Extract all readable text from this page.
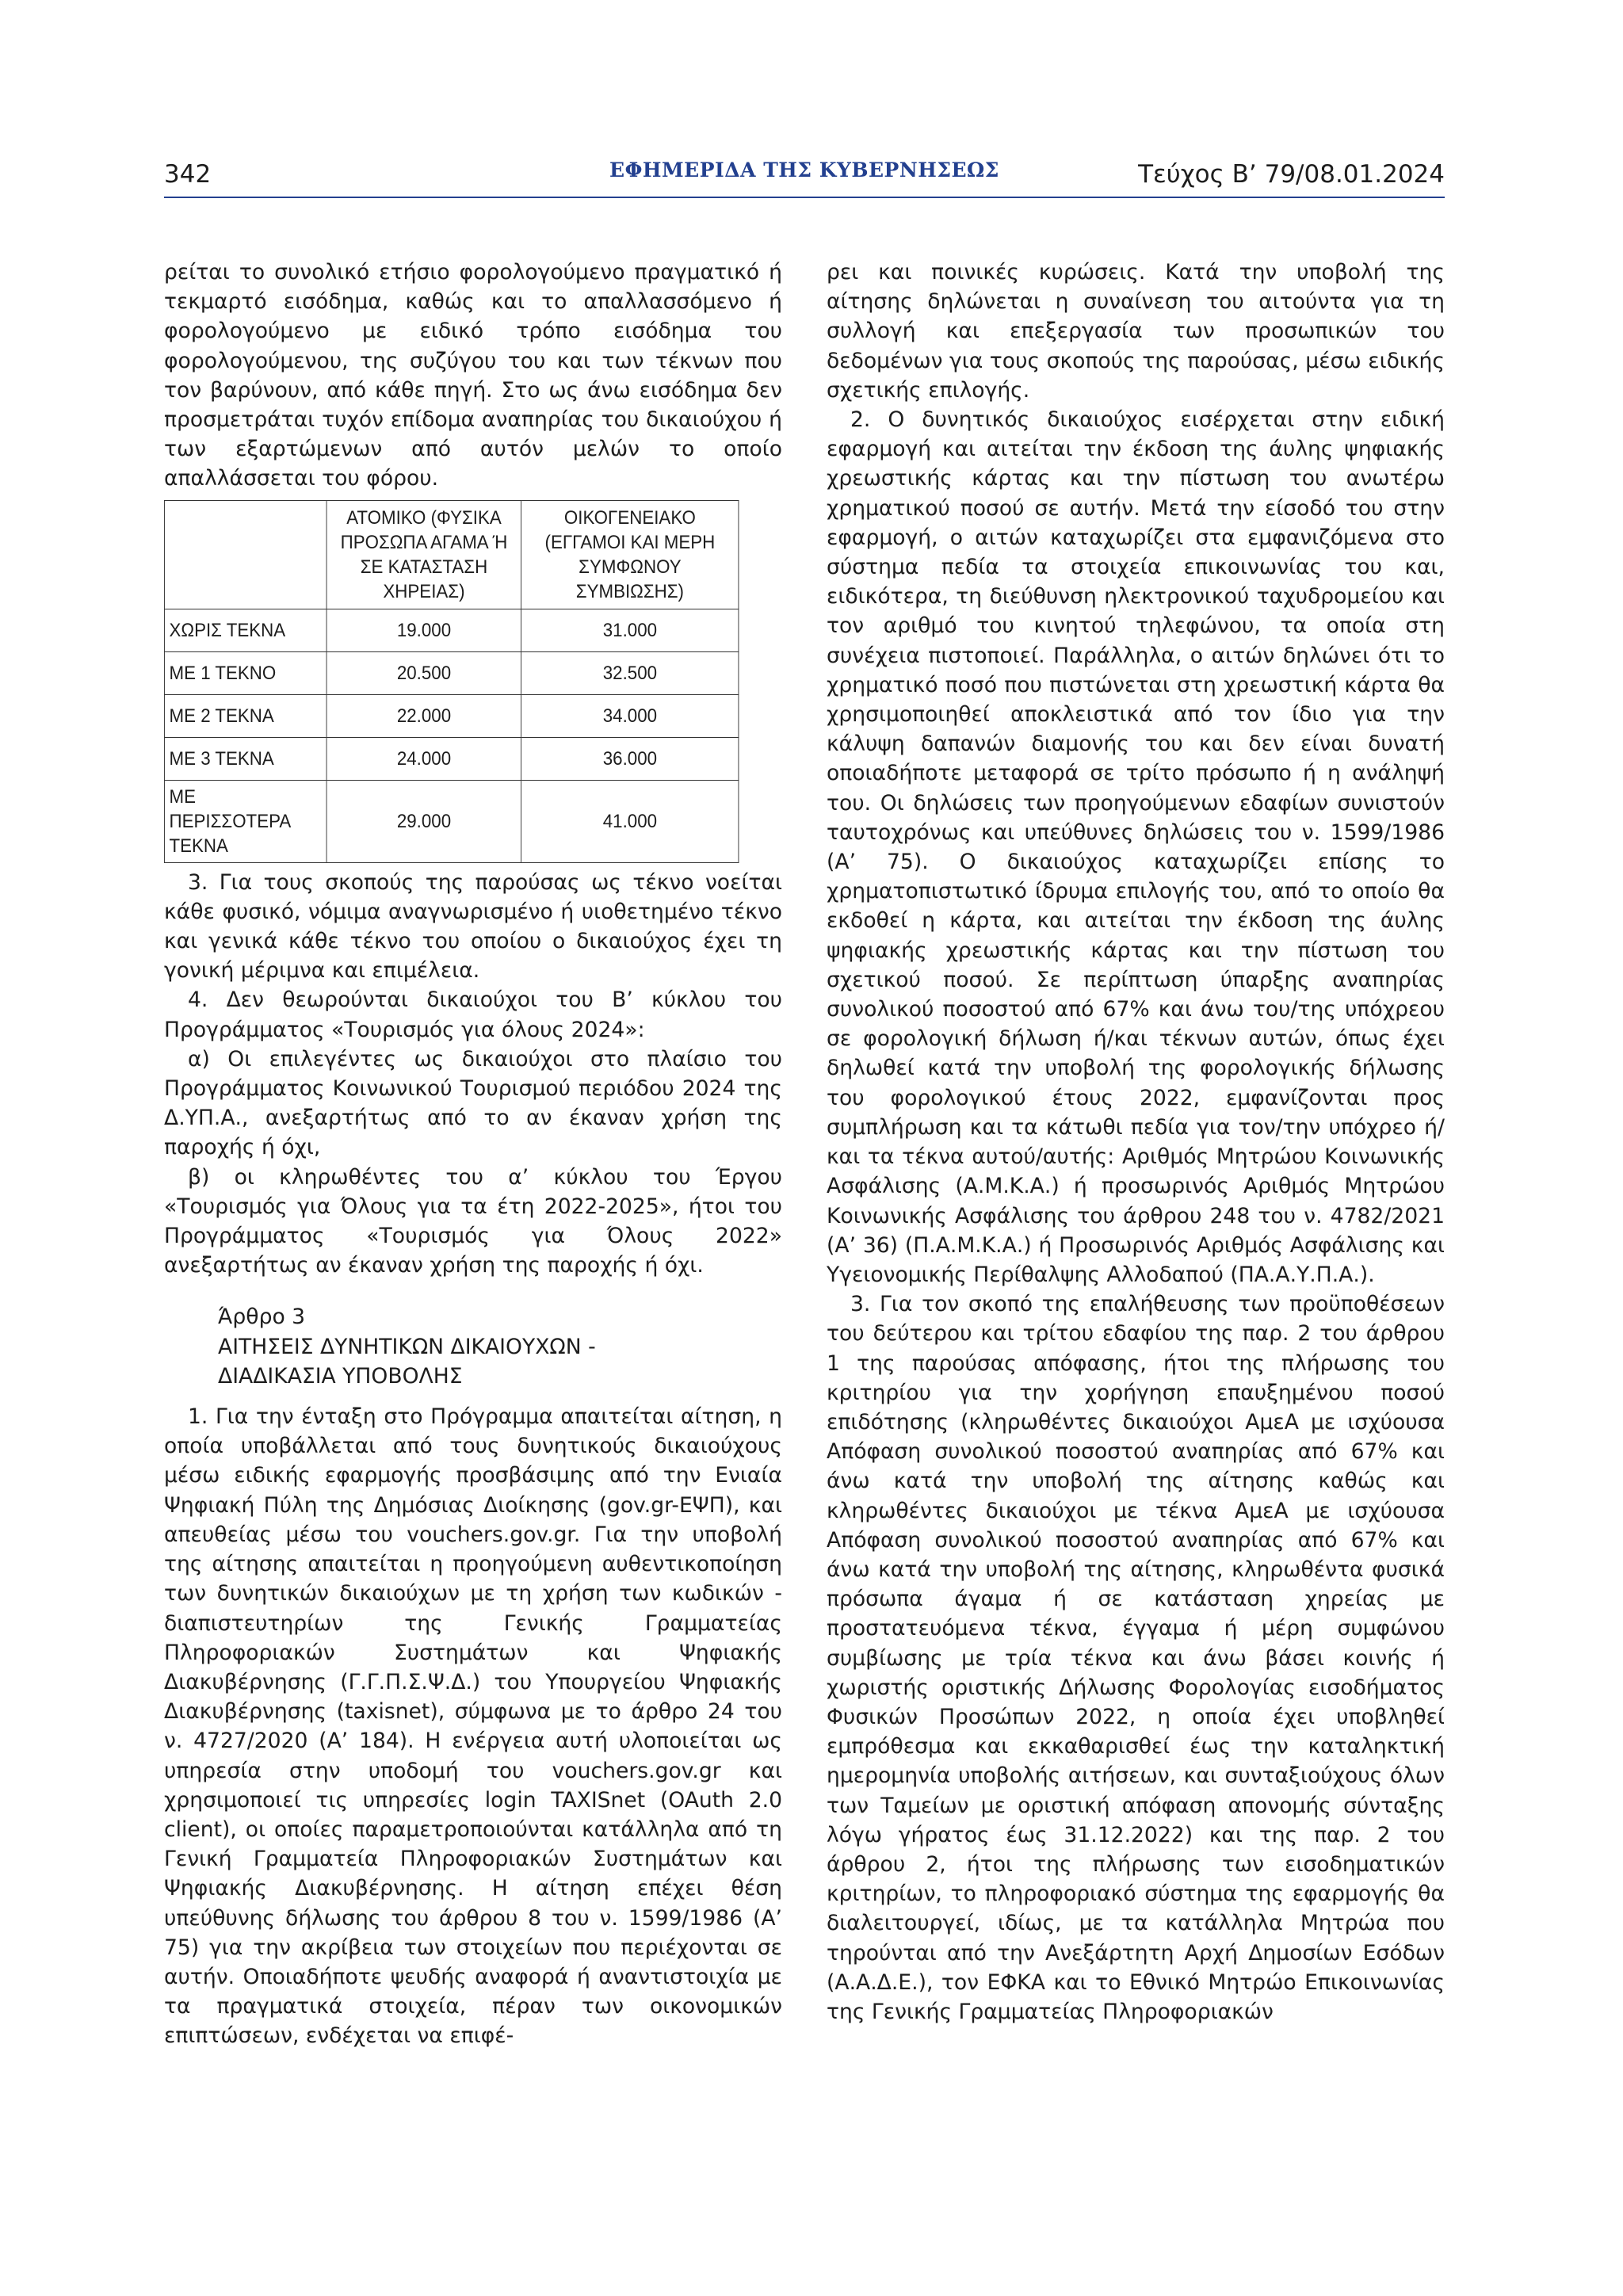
342	ΕΦΗΜΕΡΙΔΑ ΤΗΣ ΚΥΒΕΡΝΗΣΕΩΣ	Τεύχος Β’ 79/08.01.2024

ρείται το συνολικό ετήσιο φορολογούμενο πραγματικό ή τεκμαρτό εισόδημα, καθώς και το απαλλασσόμενο ή φορολογούμενο με ειδικό τρόπο εισόδημα του φορολογούμενου, της συζύγου του και των τέκνων που τον βαρύνουν, από κάθε πηγή. Στο ως άνω εισόδημα δεν προσμετράται τυχόν επίδομα αναπηρίας του δικαιούχου ή των εξαρτώμενων από αυτόν μελών το οποίο απαλλάσσεται του φόρου.

	ΑΤΟΜΙΚΟ (ΦΥΣΙΚΑ ΠΡΟΣΩΠΑ ΑΓΑΜΑ Ή ΣΕ ΚΑΤΑΣΤΑΣΗ ΧΗΡΕΙΑΣ)	ΟΙΚΟΓΕΝΕΙΑΚΟ (ΕΓΓΑΜΟΙ ΚΑΙ ΜΕΡΗ ΣΥΜΦΩΝΟΥ ΣΥΜΒΙΩΣΗΣ)
ΧΩΡΙΣ ΤΕΚΝΑ	19.000	31.000
ΜΕ 1 ΤΕΚΝΟ	20.500	32.500
ΜΕ 2 ΤΕΚΝΑ	22.000	34.000
ΜΕ 3 ΤΕΚΝΑ	24.000	36.000
ΜΕ ΠΕΡΙΣΣΟΤΕΡΑ ΤΕΚΝΑ	29.000	41.000

3. Για τους σκοπούς της παρούσας ως τέκνο νοείται κάθε φυσικό, νόμιμα αναγνωρισμένο ή υιοθετημένο τέκνο και γενικά κάθε τέκνο του οποίου ο δικαιούχος έχει τη γονική μέριμνα και επιμέλεια.

4. Δεν θεωρούνται δικαιούχοι του Β’ κύκλου του Προγράμματος «Τουρισμός για όλους 2024»:

α) Οι επιλεγέντες ως δικαιούχοι στο πλαίσιο του Προγράμματος Κοινωνικού Τουρισμού περιόδου 2024 της Δ.ΥΠ.Α., ανεξαρτήτως από το αν έκαναν χρήση της παροχής ή όχι,

β) οι κληρωθέντες του α’ κύκλου του Έργου «Τουρισμός για Όλους για τα έτη 2022-2025», ήτοι του Προγράμματος «Τουρισμός για Όλους 2022» ανεξαρτήτως αν έκαναν χρήση της παροχής ή όχι.

Άρθρο 3
ΑΙΤΗΣΕΙΣ ΔΥΝΗΤΙΚΩΝ ΔΙΚΑΙΟΥΧΩΝ -
ΔΙΑΔΙΚΑΣΙΑ ΥΠΟΒΟΛΗΣ

1. Για την ένταξη στο Πρόγραμμα απαιτείται αίτηση, η οποία υποβάλλεται από τους δυνητικούς δικαιούχους μέσω ειδικής εφαρμογής προσβάσιμης από την Ενιαία Ψηφιακή Πύλη της Δημόσιας Διοίκησης (gov.gr-ΕΨΠ), και απευθείας μέσω του vouchers.gov.gr. Για την υποβολή της αίτησης απαιτείται η προηγούμενη αυθεντικοποίηση των δυνητικών δικαιούχων με τη χρήση των κωδικών - διαπιστευτηρίων της Γενικής Γραμματείας Πληροφοριακών Συστημάτων και Ψηφιακής Διακυβέρνησης (Γ.Γ.Π.Σ.Ψ.Δ.) του Υπουργείου Ψηφιακής Διακυβέρνησης (taxisnet), σύμφωνα με το άρθρο 24 του ν. 4727/2020 (Α’ 184). Η ενέργεια αυτή υλοποιείται ως υπηρεσία στην υποδομή του vouchers.gov.gr και χρησιμοποιεί τις υπηρεσίες login TAXISnet (OAuth 2.0 client), οι οποίες παραμετροποιούνται κατάλληλα από τη Γενική Γραμματεία Πληροφοριακών Συστημάτων και Ψηφιακής Διακυβέρνησης. Η αίτηση επέχει θέση υπεύθυνης δήλωσης του άρθρου 8 του ν. 1599/1986 (Α’ 75) για την ακρίβεια των στοιχείων που περιέχονται σε αυτήν. Οποιαδήποτε ψευδής αναφορά ή αναντιστοιχία με τα πραγματικά στοιχεία, πέραν των οικονομικών επιπτώσεων, ενδέχεται να επιφέ-

ρει και ποινικές κυρώσεις. Κατά την υποβολή της αίτησης δηλώνεται η συναίνεση του αιτούντα για τη συλλογή και επεξεργασία των προσωπικών του δεδομένων για τους σκοπούς της παρούσας, μέσω ειδικής σχετικής επιλογής.

2. Ο δυνητικός δικαιούχος εισέρχεται στην ειδική εφαρμογή και αιτείται την έκδοση της άυλης ψηφιακής χρεωστικής κάρτας και την πίστωση του ανωτέρω χρηματικού ποσού σε αυτήν. Μετά την είσοδό του στην εφαρμογή, ο αιτών καταχωρίζει στα εμφανιζόμενα στο σύστημα πεδία τα στοιχεία επικοινωνίας του και, ειδικότερα, τη διεύθυνση ηλεκτρονικού ταχυδρομείου και τον αριθμό του κινητού τηλεφώνου, τα οποία στη συνέχεια πιστοποιεί. Παράλληλα, ο αιτών δηλώνει ότι το χρηματικό ποσό που πιστώνεται στη χρεωστική κάρτα θα χρησιμοποιηθεί αποκλειστικά από τον ίδιο για την κάλυψη δαπανών διαμονής του και δεν είναι δυνατή οποιαδήποτε μεταφορά σε τρίτο πρόσωπο ή η ανάληψή του. Οι δηλώσεις των προηγούμενων εδαφίων συνιστούν ταυτοχρόνως και υπεύθυνες δηλώσεις του ν. 1599/1986 (Α’ 75). Ο δικαιούχος καταχωρίζει επίσης το χρηματοπιστωτικό ίδρυμα επιλογής του, από το οποίο θα εκδοθεί η κάρτα, και αιτείται την έκδοση της άυλης ψηφιακής χρεωστικής κάρτας και την πίστωση του σχετικού ποσού. Σε περίπτωση ύπαρξης αναπηρίας συνολικού ποσοστού από 67% και άνω του/της υπόχρεου σε φορολογική δήλωση ή/και τέκνων αυτών, όπως έχει δηλωθεί κατά την υποβολή της φορολογικής δήλωσης του φορολογικού έτους 2022, εμφανίζονται προς συμπλήρωση και τα κάτωθι πεδία για τον/την υπόχρεο ή/και τα τέκνα αυτού/αυτής: Αριθμός Μητρώου Κοινωνικής Ασφάλισης (Α.Μ.Κ.Α.) ή προσωρινός Αριθμός Μητρώου Κοινωνικής Ασφάλισης του άρθρου 248 του ν. 4782/2021 (Α’ 36) (Π.Α.Μ.Κ.Α.) ή Προσωρινός Αριθμός Ασφάλισης και Υγειονομικής Περίθαλψης Αλλοδαπού (ΠΑ.Α.Υ.Π.Α.).

3. Για τον σκοπό της επαλήθευσης των προϋποθέσεων του δεύτερου και τρίτου εδαφίου της παρ. 2 του άρθρου 1 της παρούσας απόφασης, ήτοι της πλήρωσης του κριτηρίου για την χορήγηση επαυξημένου ποσού επιδότησης (κληρωθέντες δικαιούχοι ΑμεΑ με ισχύουσα Απόφαση συνολικού ποσοστού αναπηρίας από 67% και άνω κατά την υποβολή της αίτησης καθώς και κληρωθέντες δικαιούχοι με τέκνα ΑμεΑ με ισχύουσα Απόφαση συνολικού ποσοστού αναπηρίας από 67% και άνω κατά την υποβολή της αίτησης, κληρωθέντα φυσικά πρόσωπα άγαμα ή σε κατάσταση χηρείας με προστατευόμενα τέκνα, έγγαμα ή μέρη συμφώνου συμβίωσης με τρία τέκνα και άνω βάσει κοινής ή χωριστής οριστικής Δήλωσης Φορολογίας εισοδήματος Φυσικών Προσώπων 2022, η οποία έχει υποβληθεί εμπρόθεσμα και εκκαθαρισθεί έως την καταληκτική ημερομηνία υποβολής αιτήσεων, και συνταξιούχους όλων των Ταμείων με οριστική απόφαση απονομής σύνταξης λόγω γήρατος έως 31.12.2022) και της παρ. 2 του άρθρου 2, ήτοι της πλήρωσης των εισοδηματικών κριτηρίων, το πληροφοριακό σύστημα της εφαρμογής θα διαλειτουργεί, ιδίως, με τα κατάλληλα Μητρώα που τηρούνται από την Ανεξάρτητη Αρχή Δημοσίων Εσόδων (Α.Α.Δ.Ε.), τον ΕΦΚΑ και το Εθνικό Μητρώο Επικοινωνίας της Γενικής Γραμματείας Πληροφοριακών
